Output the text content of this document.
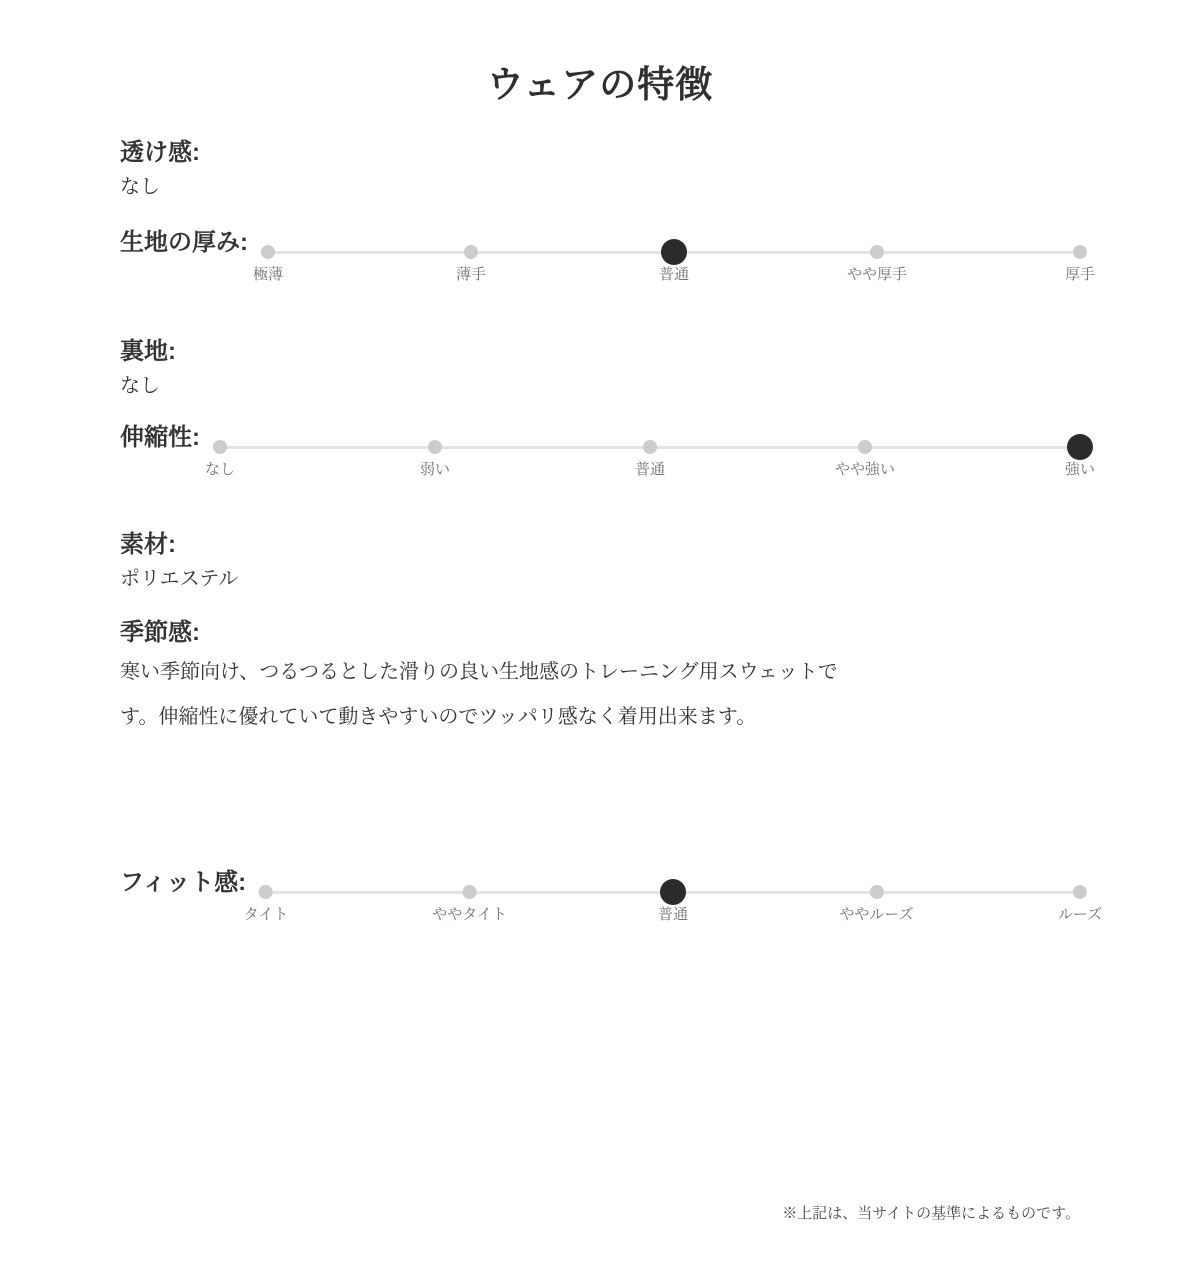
ウェアの特徴
透け感:
なし
生地の厚み:
極薄	薄手	普通	やや厚手	厚手
裏地:
なし
伸縮性:
なし	弱い	普通	やや強い	強い
素材:
ポリエステル
季節感:
寒い季節向け、つるつるとした滑りの良い生地感のトレーニング用スウェットです。伸縮性に優れていて動きやすいのでツッパリ感なく着用出来ます。
フィット感:
タイト	ややタイト	普通	ややルーズ	ルーズ
※上記は、当サイトの基準によるものです。
